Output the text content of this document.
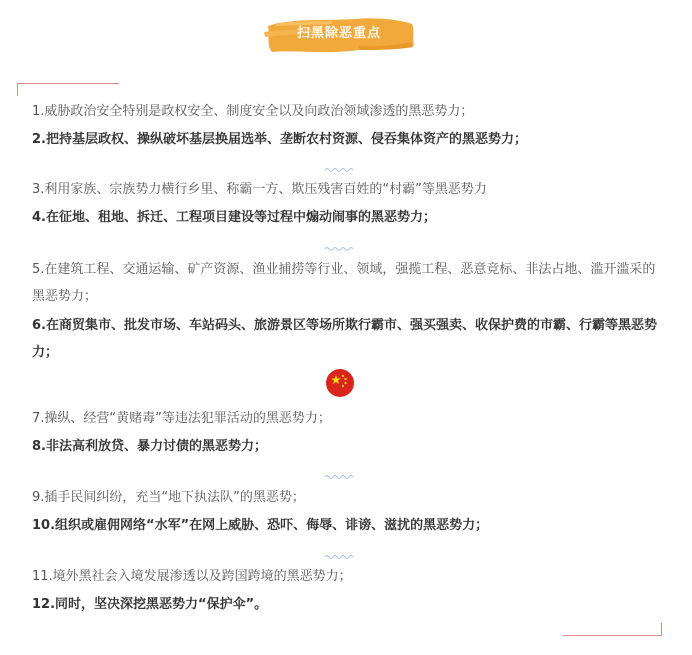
扫黑除恶重点
1.威胁政治安全特别是政权安全、制度安全以及向政治领域渗透的黑恶势力；
2.把持基层政权、操纵破坏基层换届选举、垄断农村资源、侵吞集体资产的黑恶势力；
3.利用家族、宗族势力横行乡里、称霸一方、欺压残害百姓的“村霸”等黑恶势力
4.在征地、租地、拆迁、工程项目建设等过程中煽动闹事的黑恶势力；
5.在建筑工程、交通运输、矿产资源、渔业捕捞等行业、领域，强揽工程、恶意竞标、非法占地、滥开滥采的黑恶势力；
6.在商贸集市、批发市场、车站码头、旅游景区等场所欺行霸市、强买强卖、收保护费的市霸、行霸等黑恶势力；
7.操纵、经营“黄赌毒”等违法犯罪活动的黑恶势力；
8.非法高利放贷、暴力讨债的黑恶势力；
9.插手民间纠纷，充当“地下执法队”的黑恶势；
10.组织或雇佣网络“水军”在网上威胁、恐吓、侮辱、诽谤、滋扰的黑恶势力；
11.境外黑社会入境发展渗透以及跨国跨境的黑恶势力；
12.同时，坚决深挖黑恶势力“保护伞”。
